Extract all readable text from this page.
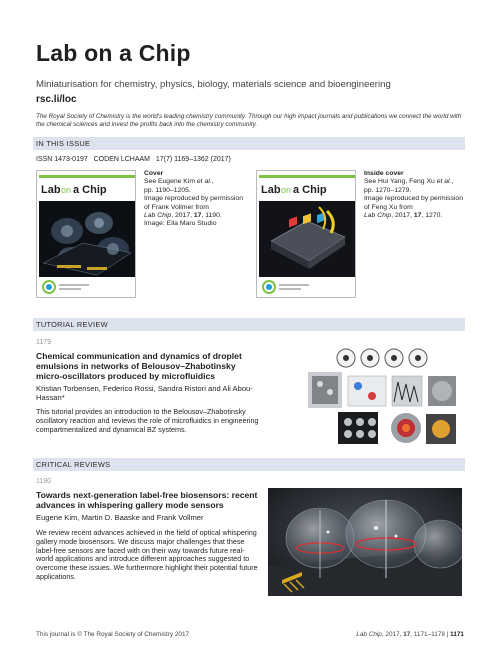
Lab on a Chip
Miniaturisation for chemistry, physics, biology, materials science and bioengineering
rsc.li/loc
The Royal Society of Chemistry is the world's leading chemistry community. Through our high impact journals and publications we connect the world with the chemical sciences and invest the profits back into the chemistry community.
IN THIS ISSUE
ISSN 1473-0197 CODEN LCHAAM 17(7) 1169–1362 (2017)
Lab on a Chip
Cover
See Eugene Kim et al.,
pp. 1190–1205.
Image reproduced by permission of Frank Vollmer from
Lab Chip, 2017, 17, 1190.
Image: Ella Maru Studio
Lab on a Chip
Inside cover
See Hui Yang, Feng Xu et al.,
pp. 1270–1279.
Image reproduced by permission of Feng Xu from
Lab Chip, 2017, 17, 1270.
TUTORIAL REVIEW
1179
Chemical communication and dynamics of droplet emulsions in networks of Belousov–Zhabotinsky micro-oscillators produced by microfluidics
Kristian Torbensen, Federico Rossi, Sandra Ristori and Ali Abou-Hassan*
This tutorial provides an introduction to the Belousov–Zhabotinsky oscillatory reaction and reviews the role of microfluidics in engineering compartmentalized and dynamical BZ systems.
CRITICAL REVIEWS
1190
Towards next-generation label-free biosensors: recent advances in whispering gallery mode sensors
Eugene Kim, Martin D. Baaske and Frank Vollmer
We review recent advances achieved in the field of optical whispering gallery mode biosensors. We discuss major challenges that these label-free sensors are faced with on their way towards future real-world applications and introduce different approaches suggested to overcome these issues. We furthermore highlight their potential future applications.
This journal is © The Royal Society of Chemistry 2017	Lab Chip, 2017, 17, 1171–1178 | 1171
